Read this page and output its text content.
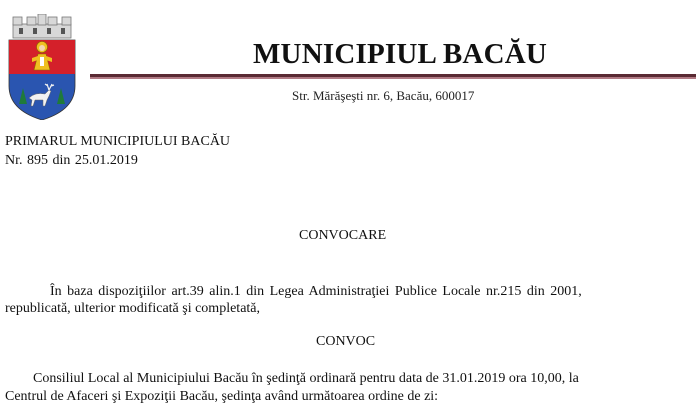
MUNICIPIUL BACĂU
Str. Mărăşeşti nr. 6, Bacău, 600017
PRIMARUL MUNICIPIULUI BACĂU
Nr. 895 din 25.01.2019
CONVOCARE
În baza dispoziţiilor art.39 alin.1 din Legea Administraţiei Publice Locale nr.215 din 2001,
republicată, ulterior modificată şi completată,
CONVOC
Consiliul Local al Municipiului Bacău în şedinţă ordinară pentru data de 31.01.2019 ora 10,00, la
Centrul de Afaceri şi Expoziţii Bacău, şedinţa având următoarea ordine de zi:
